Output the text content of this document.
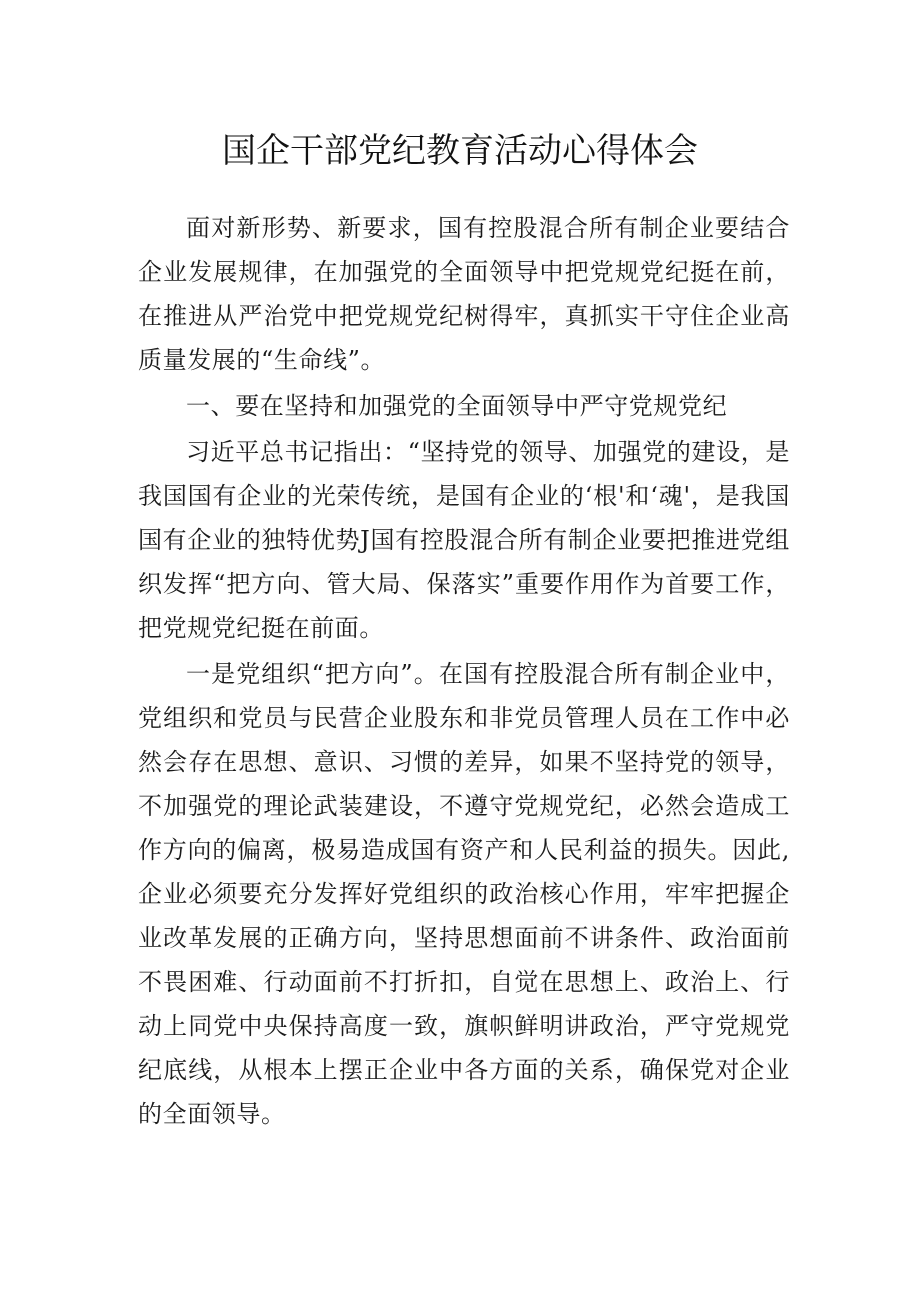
国企干部党纪教育活动心得体会

面对新形势、新要求，国有控股混合所有制企业要结合企业发展规律，在加强党的全面领导中把党规党纪挺在前，在推进从严治党中把党规党纪树得牢，真抓实干守住企业高质量发展的“生命线”。

一、要在坚持和加强党的全面领导中严守党规党纪

习近平总书记指出：“坚持党的领导、加强党的建设，是我国国有企业的光荣传统，是国有企业的‘根'和‘魂'，是我国国有企业的独特优势J国有控股混合所有制企业要把推进党组织发挥“把方向、管大局、保落实”重要作用作为首要工作，把党规党纪挺在前面。

一是党组织“把方向”。在国有控股混合所有制企业中，党组织和党员与民营企业股东和非党员管理人员在工作中必然会存在思想、意识、习惯的差异，如果不坚持党的领导，不加强党的理论武装建设，不遵守党规党纪，必然会造成工作方向的偏离，极易造成国有资产和人民利益的损失。因此,企业必须要充分发挥好党组织的政治核心作用，牢牢把握企业改革发展的正确方向，坚持思想面前不讲条件、政治面前不畏困难、行动面前不打折扣，自觉在思想上、政治上、行动上同党中央保持高度一致，旗帜鲜明讲政治，严守党规党纪底线，从根本上摆正企业中各方面的关系，确保党对企业的全面领导。
